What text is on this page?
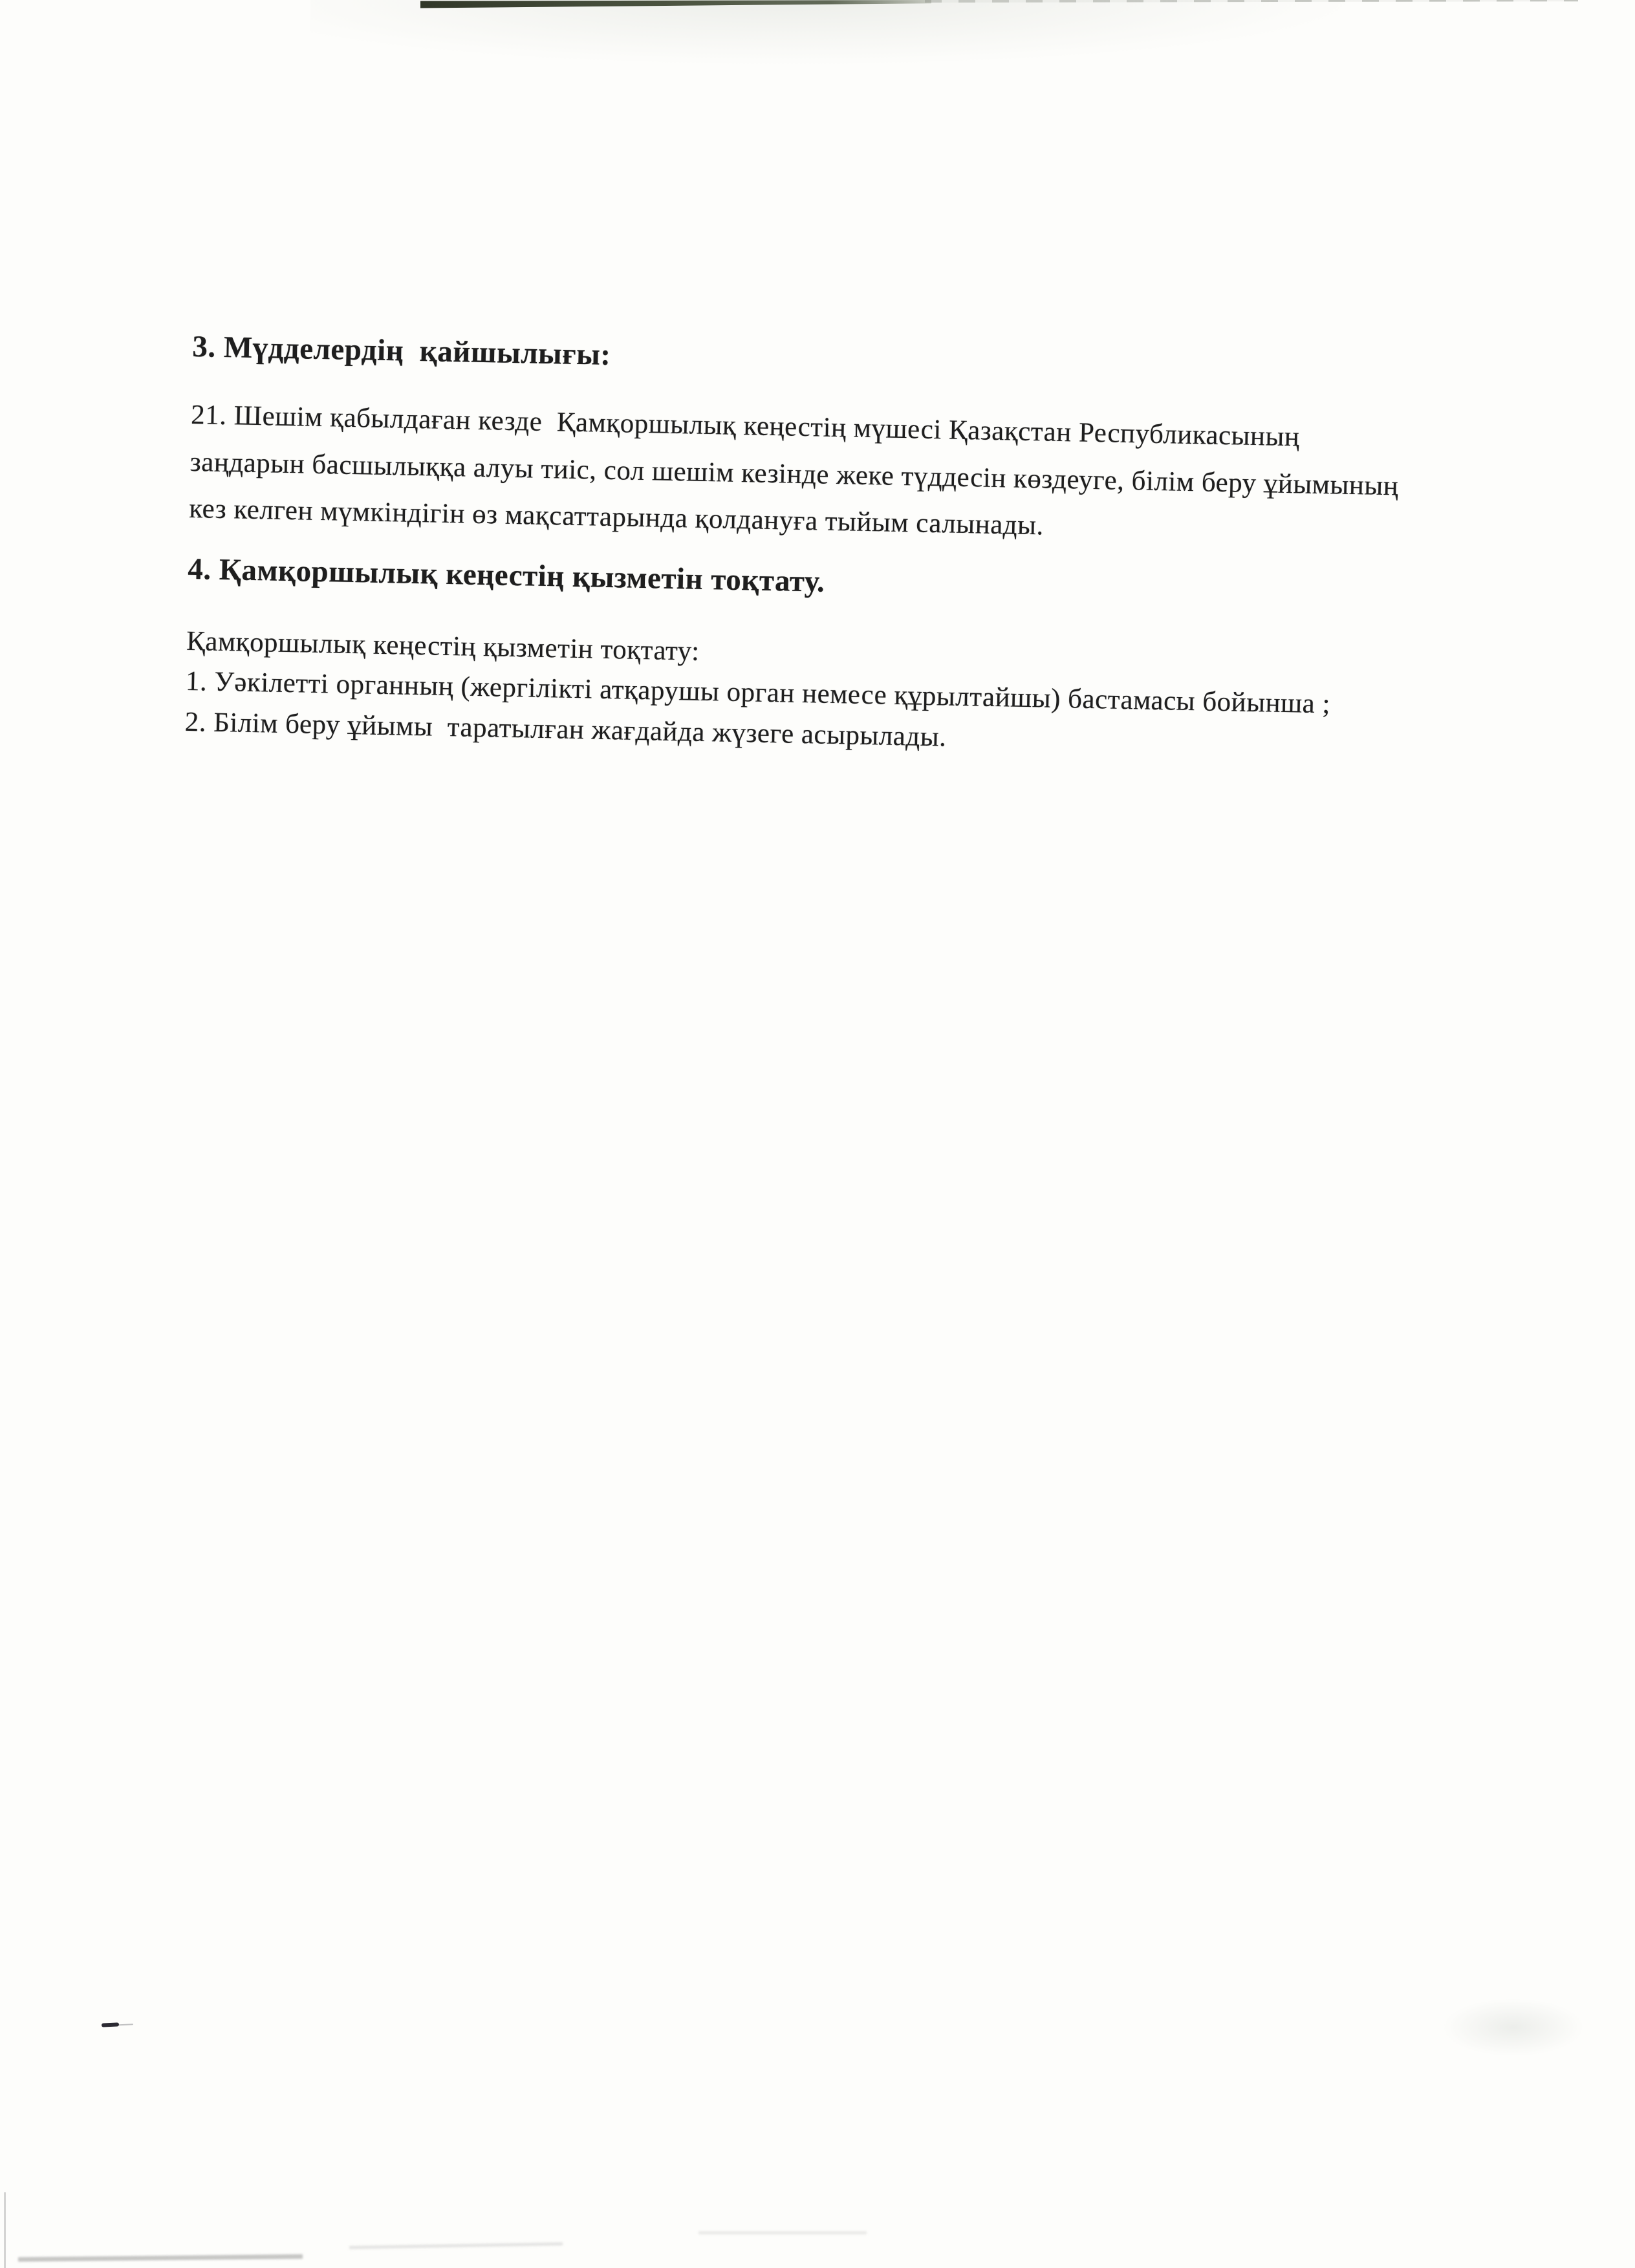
3. Мүдделердің  қайшылығы:
21. Шешім қабылдаған кезде  Қамқоршылық кеңестің мүшесі Қазақстан Республикасының
заңдарын басшылыққа алуы тиіс, сол шешім кезінде жеке түддесін көздеуге, білім беру ұйымының
кез келген мүмкіндігін өз мақсаттарында қолдануға тыйым салынады.
4. Қамқоршылық кеңестің қызметін тоқтату.
Қамқоршылық кеңестің қызметін тоқтату:
1. Уәкілетті органның (жергілікті атқарушы орган немесе құрылтайшы) бастамасы бойынша ;
2. Білім беру ұйымы  таратылған жағдайда жүзеге асырылады.
